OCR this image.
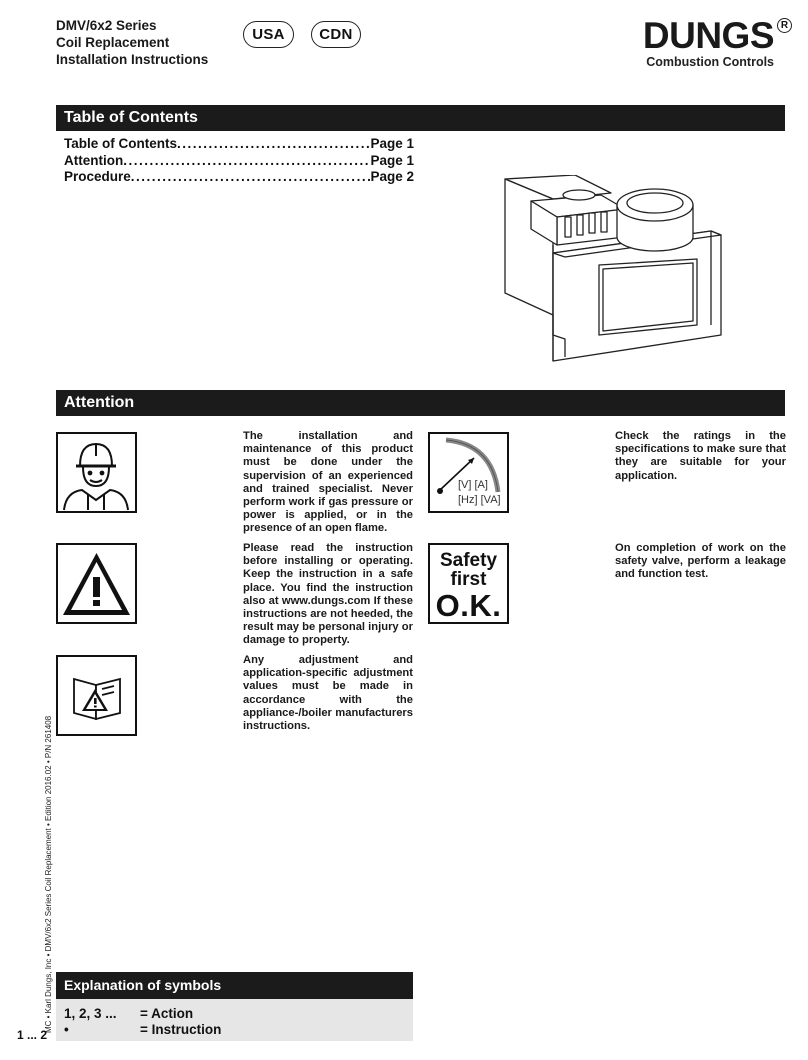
DMV/6x2 Series
Coil Replacement
Installation Instructions
USA	CDN	DUNGS R
Combustion Controls
Table of Contents
Table of Contents .....	Page 1
Attention .....	Page 1
Procedure .....	Page 2
Attention
The installation and maintenance of this product must be done under the supervision of an experienced and trained specialist. Never perform work if gas pressure or power is applied, or in the presence of an open flame.
Please read the instruction before installing or operating. Keep the instruction in a safe place. You find the instruction also at www.dungs.com If these instructions are not heeded, the result may be personal injury or damage to property.
Any adjustment and application-specific adjustment values must be made in accordance with the appliance-/boiler manufacturers instructions.
[V] [A]
[Hz] [VA]
Check the ratings in the specifications to make sure that they are suitable for your application.
Safety
first
O.K.
On completion of work on the safety valve, perform a leakage and function test.
MC • Karl Dungs, Inc • DMV/6x2 Series Coil Replacement • Edition 2016.02 • P/N 261408 Explanation of symbols
1, 2, 3 ... = Action
•	= Instruction
1 ... 2
